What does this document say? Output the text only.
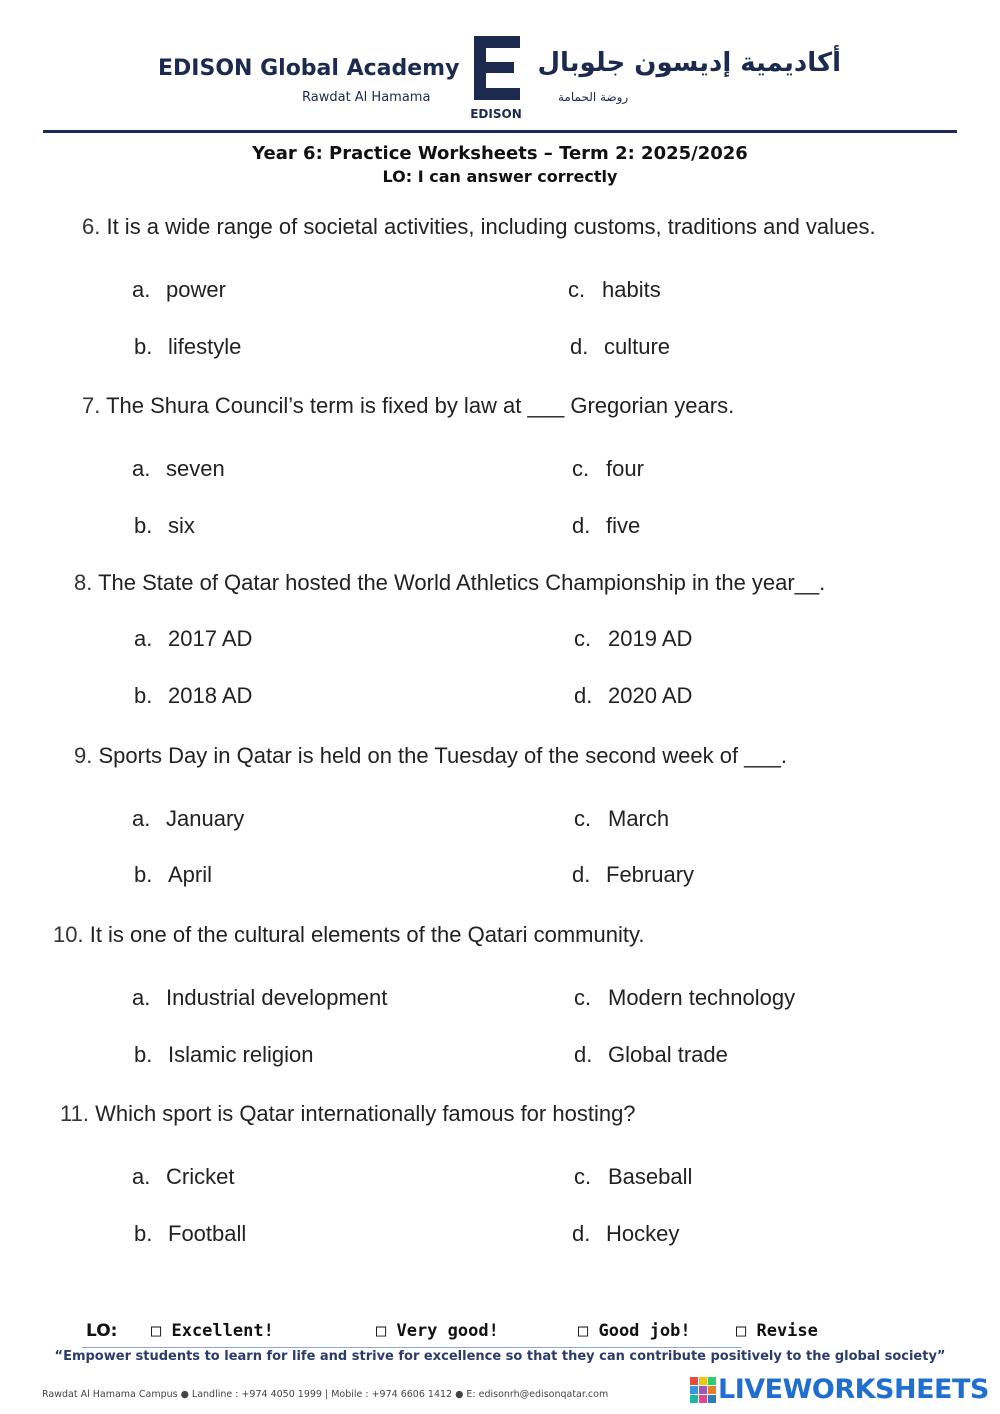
EDISON Global Academy
Rawdat Al Hamama
EDISON
أكاديمية إديسون جلوبال
روضة الحمامة
Year 6: Practice Worksheets – Term 2: 2025/2026
LO: I can answer correctly
6. It is a wide range of societal activities, including customs, traditions and values.
a. power
b. lifestyle
c. habits
d. culture
7. The Shura Council’s term is fixed by law at ___ Gregorian years.
a. seven
b. six
c. four
d. five
8. The State of Qatar hosted the World Athletics Championship in the year__.
a. 2017 AD
b. 2018 AD
c. 2019 AD
d. 2020 AD
9. Sports Day in Qatar is held on the Tuesday of the second week of ___.
a. January
b. April
c. March
d. February
10. It is one of the cultural elements of the Qatari community.
a. Industrial development
b. Islamic religion
c. Modern technology
d. Global trade
11. Which sport is Qatar internationally famous for hosting?
a. Cricket
b. Football
c. Baseball
d. Hockey
LO: □ Excellent!	□ Very good!	□ Good job!	□ Revise
“Empower students to learn for life and strive for excellence so that they can contribute positively to the global society”
Rawdat Al Hamama Campus ● Landline : +974 4050 1999 | Mobile : +974 6606 1412 ● E: edisonrh@edisonqatar.com	LIVEWORKSHEETS
